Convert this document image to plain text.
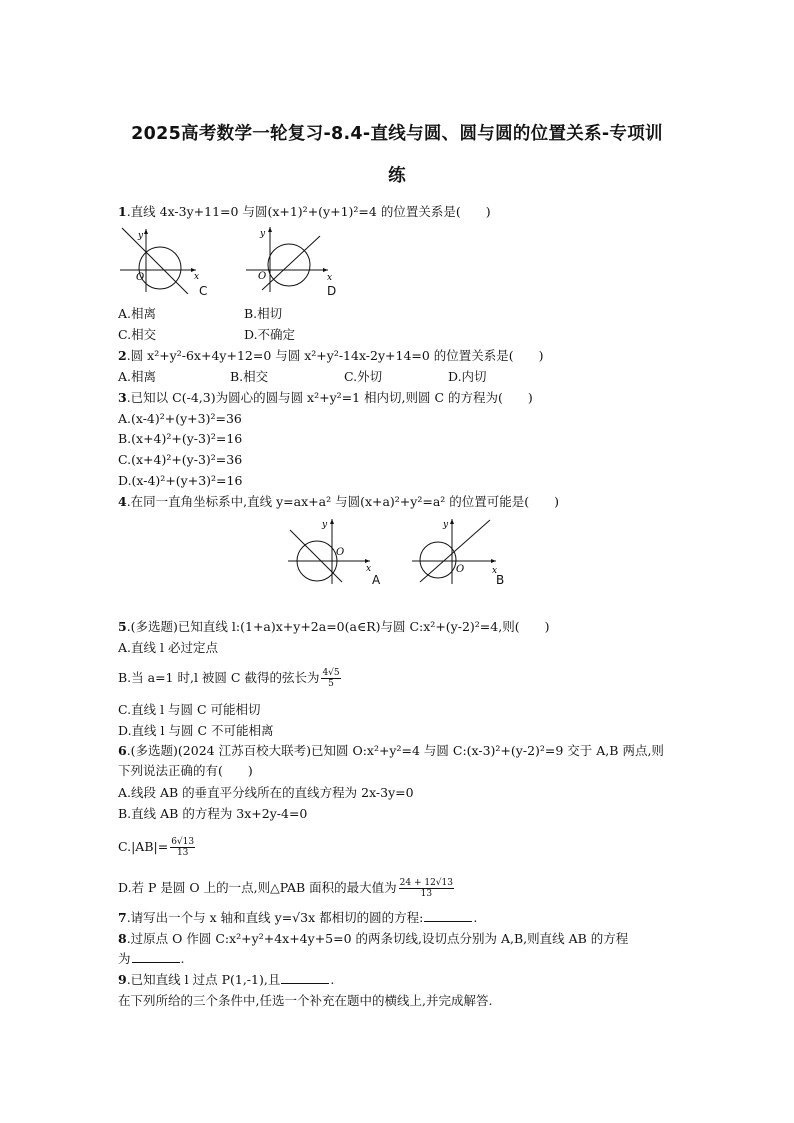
2025高考数学一轮复习-8.4-直线与圆、圆与圆的位置关系-专项训
练
1.直线 4x-3y+11=0 与圆(x+1)²+(y+1)²=4 的位置关系是(　　)
y
x
O
C
y
x
O
D
A.相离	B.相切
C.相交	D.不确定
2.圆 x²+y²-6x+4y+12=0 与圆 x²+y²-14x-2y+14=0 的位置关系是(　　)
A.相离	B.相交	C.外切	D.内切
3.已知以 C(-4,3)为圆心的圆与圆 x²+y²=1 相内切,则圆 C 的方程为(　　)
A.(x-4)²+(y+3)²=36
B.(x+4)²+(y-3)²=16
C.(x+4)²+(y-3)²=36
D.(x-4)²+(y+3)²=16
4.在同一直角坐标系中,直线 y=ax+a² 与圆(x+a)²+y²=a² 的位置可能是(　　)
y
x
O
A
y
x
O
B
5.(多选题)已知直线 l:(1+a)x+y+2a=0(a∈R)与圆 C:x²+(y-2)²=4,则(　　)
A.直线 l 必过定点
B.当 a=1 时,l 被圆 C 截得的弦长为 $\frac{4√5}{5}$
C.直线 l 与圆 C 可能相切
D.直线 l 与圆 C 不可能相离
6.(多选题)(2024 江苏百校大联考)已知圆 O:x²+y²=4 与圆 C:(x-3)²+(y-2)²=9 交于 A,B 两点,则
下列说法正确的有(　　)
A.线段 AB 的垂直平分线所在的直线方程为 2x-3y=0
B.直线 AB 的方程为 3x+2y-4=0
$C.|AB|= \frac{6√13}{13}$
D.若 P 是圆 O 上的一点,则△PAB 面积的最大值为 $\frac{24 + 12√13}{13}$
7.请写出一个与 x 轴和直线 y=√3x 都相切的圆的方程:	.
8.过原点 O 作圆 C:x²+y²+4x+4y+5=0 的两条切线,设切点分别为 A,B,则直线 AB 的方程
为	.
9.已知直线 l 过点 P(1,-1),且	.
在下列所给的三个条件中,任选一个补充在题中的横线上,并完成解答.
